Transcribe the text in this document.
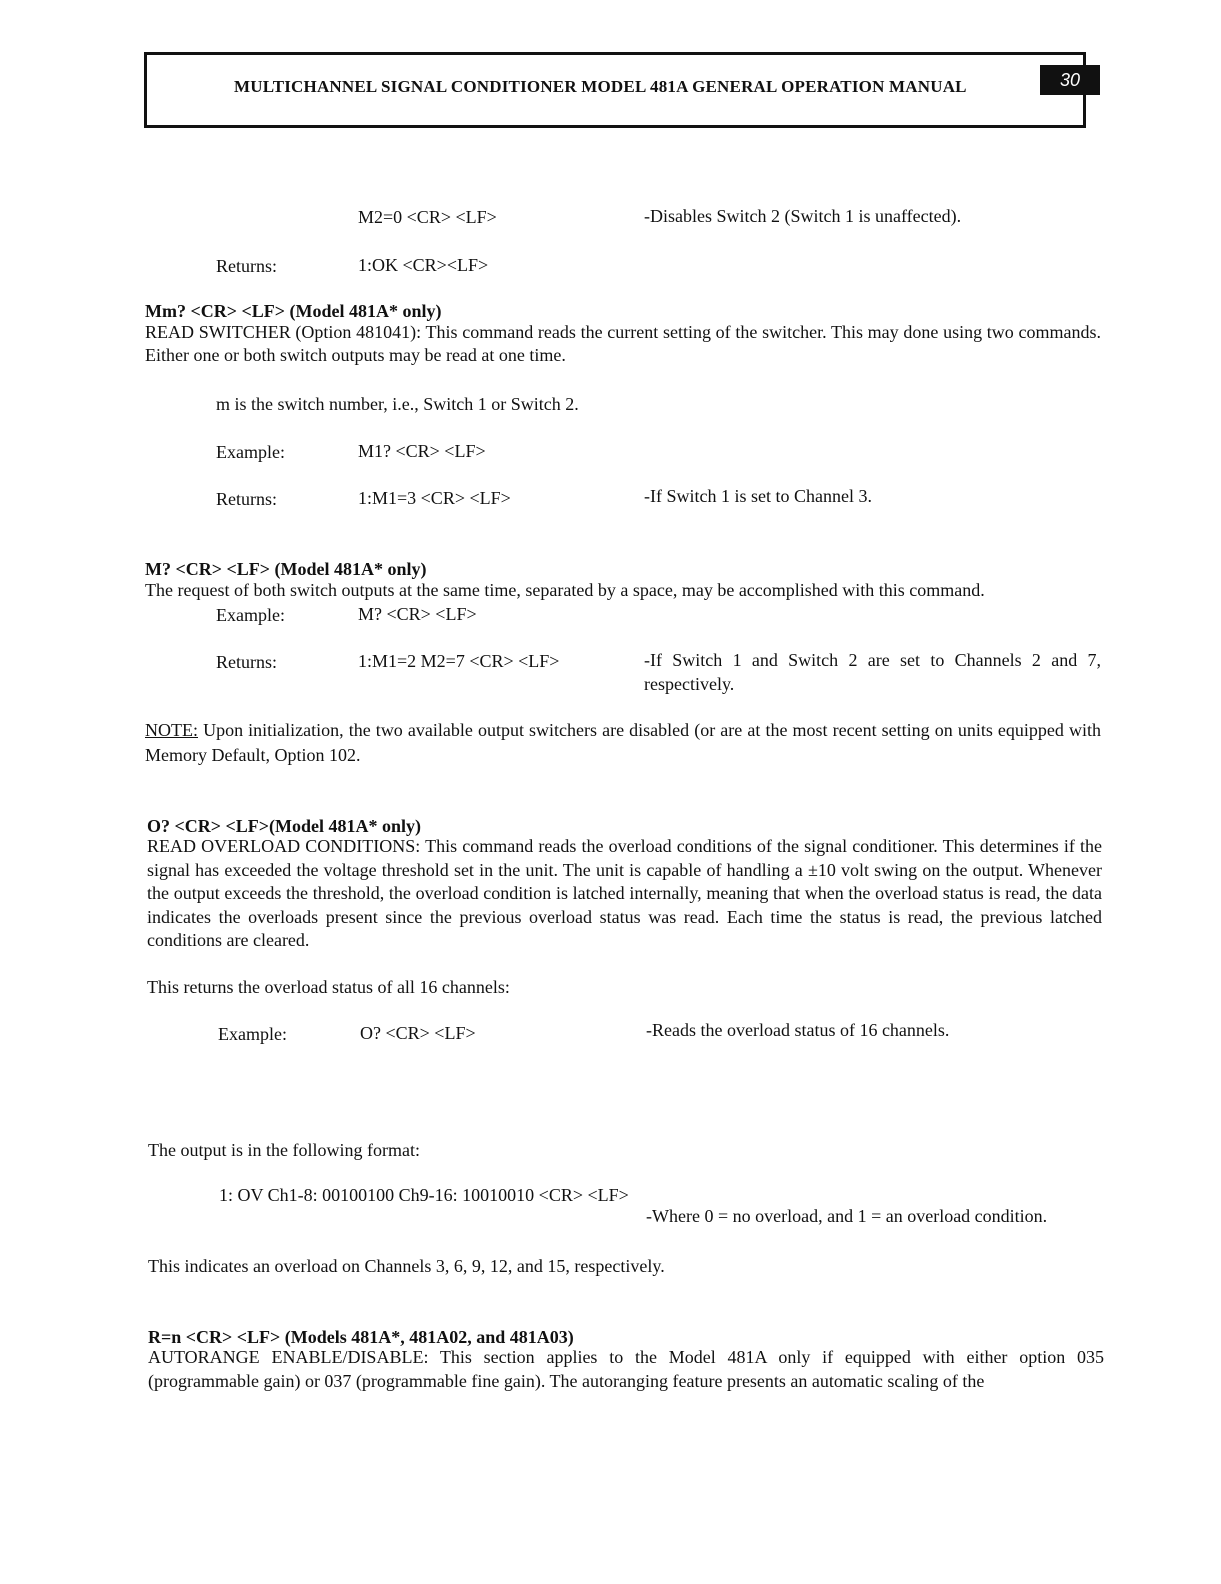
MULTICHANNEL SIGNAL CONDITIONER MODEL 481A GENERAL OPERATION MANUAL	30
M2=0 <CR> <LF>	-Disables Switch 2 (Switch 1 is unaffected).
Returns:	1:OK <CR><LF>
Mm? <CR> <LF> (Model 481A* only)
READ SWITCHER (Option 481041): This command reads the current setting of the switcher. This may done using two commands. Either one or both switch outputs may be read at one time.
m is the switch number, i.e., Switch 1 or Switch 2.
Example:	M1? <CR> <LF>
Returns:	1:M1=3 <CR> <LF>	-If Switch 1 is set to Channel 3.
M? <CR> <LF> (Model 481A* only)
The request of both switch outputs at the same time, separated by a space, may be accomplished with this command.
Example:	M? <CR> <LF>
Returns:	1:M1=2 M2=7 <CR> <LF>	-If Switch 1 and Switch 2 are set to Channels 2 and 7, respectively.
NOTE: Upon initialization, the two available output switchers are disabled (or are at the most recent setting on units equipped with Memory Default, Option 102.
O? <CR> <LF>(Model 481A* only)
READ OVERLOAD CONDITIONS: This command reads the overload conditions of the signal conditioner. This determines if the signal has exceeded the voltage threshold set in the unit. The unit is capable of handling a ±10 volt swing on the output. Whenever the output exceeds the threshold, the overload condition is latched internally, meaning that when the overload status is read, the data indicates the overloads present since the previous overload status was read. Each time the status is read, the previous latched conditions are cleared.
This returns the overload status of all 16 channels:
Example:	O? <CR> <LF>	-Reads the overload status of 16 channels.
The output is in the following format:
1: OV Ch1-8: 00100100 Ch9-16: 10010010 <CR> <LF>
-Where 0 = no overload, and 1 = an overload condition.
This indicates an overload on Channels 3, 6, 9, 12, and 15, respectively.
R=n <CR> <LF> (Models 481A*, 481A02, and 481A03)
AUTORANGE ENABLE/DISABLE: This section applies to the Model 481A only if equipped with either option 035 (programmable gain) or 037 (programmable fine gain). The autoranging feature presents an automatic scaling of the
